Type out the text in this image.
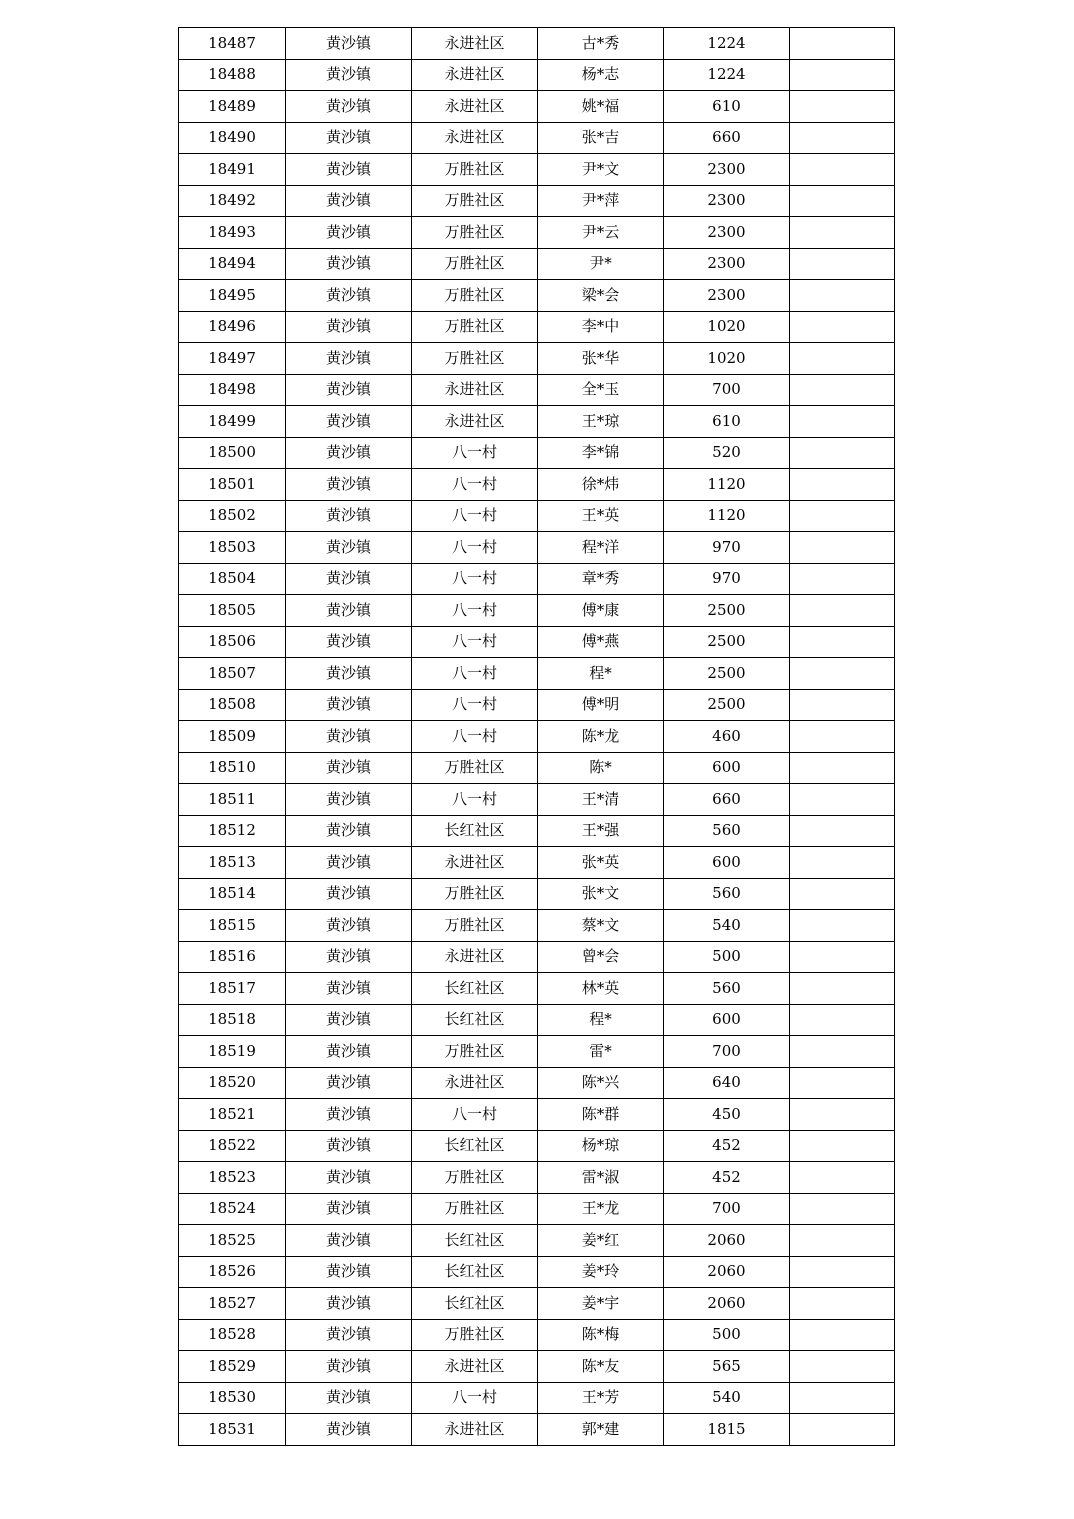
18487	黄沙镇	永进社区	古*秀	1224	
18488	黄沙镇	永进社区	杨*志	1224	
18489	黄沙镇	永进社区	姚*福	610	
18490	黄沙镇	永进社区	张*吉	660	
18491	黄沙镇	万胜社区	尹*文	2300	
18492	黄沙镇	万胜社区	尹*萍	2300	
18493	黄沙镇	万胜社区	尹*云	2300	
18494	黄沙镇	万胜社区	尹*	2300	
18495	黄沙镇	万胜社区	梁*会	2300	
18496	黄沙镇	万胜社区	李*中	1020	
18497	黄沙镇	万胜社区	张*华	1020	
18498	黄沙镇	永进社区	全*玉	700	
18499	黄沙镇	永进社区	王*琼	610	
18500	黄沙镇	八一村	李*锦	520	
18501	黄沙镇	八一村	徐*炜	1120	
18502	黄沙镇	八一村	王*英	1120	
18503	黄沙镇	八一村	程*洋	970	
18504	黄沙镇	八一村	章*秀	970	
18505	黄沙镇	八一村	傅*康	2500	
18506	黄沙镇	八一村	傅*燕	2500	
18507	黄沙镇	八一村	程*	2500	
18508	黄沙镇	八一村	傅*明	2500	
18509	黄沙镇	八一村	陈*龙	460	
18510	黄沙镇	万胜社区	陈*	600	
18511	黄沙镇	八一村	王*清	660	
18512	黄沙镇	长红社区	王*强	560	
18513	黄沙镇	永进社区	张*英	600	
18514	黄沙镇	万胜社区	张*文	560	
18515	黄沙镇	万胜社区	蔡*文	540	
18516	黄沙镇	永进社区	曾*会	500	
18517	黄沙镇	长红社区	林*英	560	
18518	黄沙镇	长红社区	程*	600	
18519	黄沙镇	万胜社区	雷*	700	
18520	黄沙镇	永进社区	陈*兴	640	
18521	黄沙镇	八一村	陈*群	450	
18522	黄沙镇	长红社区	杨*琼	452	
18523	黄沙镇	万胜社区	雷*淑	452	
18524	黄沙镇	万胜社区	王*龙	700	
18525	黄沙镇	长红社区	姜*红	2060	
18526	黄沙镇	长红社区	姜*玲	2060	
18527	黄沙镇	长红社区	姜*宇	2060	
18528	黄沙镇	万胜社区	陈*梅	500	
18529	黄沙镇	永进社区	陈*友	565	
18530	黄沙镇	八一村	王*芳	540	
18531	黄沙镇	永进社区	郭*建	1815	
